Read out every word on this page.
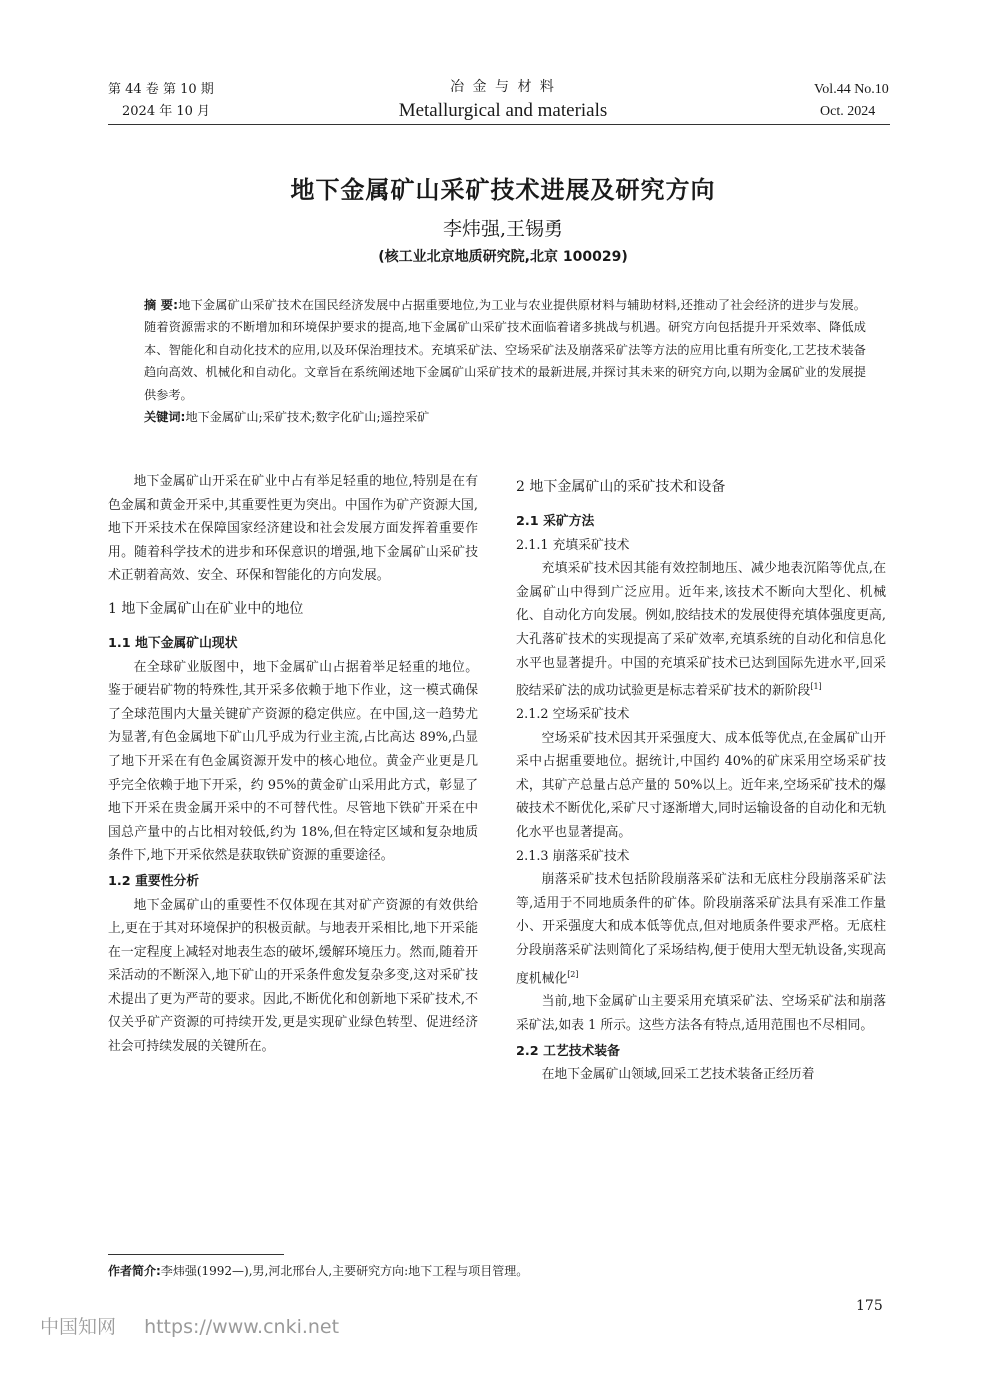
第 44 卷 第 10 期
2024 年 10 月
冶 金 与 材 料
Metallurgical and materials
Vol.44 No.10
Oct. 2024
地下金属矿山采矿技术进展及研究方向
李炜强,王锡勇
(核工业北京地质研究院,北京 100029)
摘 要:地下金属矿山采矿技术在国民经济发展中占据重要地位,为工业与农业提供原材料与辅助材料,还推动了社会经济的进步与发展。随着资源需求的不断增加和环境保护要求的提高,地下金属矿山采矿技术面临着诸多挑战与机遇。研究方向包括提升开采效率、降低成本、智能化和自动化技术的应用,以及环保治理技术。充填采矿法、空场采矿法及崩落采矿法等方法的应用比重有所变化,工艺技术装备趋向高效、机械化和自动化。文章旨在系统阐述地下金属矿山采矿技术的最新进展,并探讨其未来的研究方向,以期为金属矿业的发展提供参考。
关键词:地下金属矿山;采矿技术;数字化矿山;遥控采矿

地下金属矿山开采在矿业中占有举足轻重的地位,特别是在有色金属和黄金开采中,其重要性更为突出。中国作为矿产资源大国,地下开采技术在保障国家经济建设和社会发展方面发挥着重要作用。随着科学技术的进步和环保意识的增强,地下金属矿山采矿技术正朝着高效、安全、环保和智能化的方向发展。

1 地下金属矿山在矿业中的地位
1.1 地下金属矿山现状

在全球矿业版图中，地下金属矿山占据着举足轻重的地位。鉴于硬岩矿物的特殊性,其开采多依赖于地下作业，这一模式确保了全球范围内大量关键矿产资源的稳定供应。在中国,这一趋势尤为显著,有色金属地下矿山几乎成为行业主流,占比高达 89%,凸显了地下开采在有色金属资源开发中的核心地位。黄金产业更是几乎完全依赖于地下开采，约 95%的黄金矿山采用此方式，彰显了地下开采在贵金属开采中的不可替代性。尽管地下铁矿开采在中国总产量中的占比相对较低,约为 18%,但在特定区域和复杂地质条件下,地下开采依然是获取铁矿资源的重要途径。

1.2 重要性分析

地下金属矿山的重要性不仅体现在其对矿产资源的有效供给上,更在于其对环境保护的积极贡献。与地表开采相比,地下开采能在一定程度上减轻对地表生态的破坏,缓解环境压力。然而,随着开采活动的不断深入,地下矿山的开采条件愈发复杂多变,这对采矿技术提出了更为严苛的要求。因此,不断优化和创新地下采矿技术,不仅关乎矿产资源的可持续开发,更是实现矿业绿色转型、促进经济社会可持续发展的关键所在。

2 地下金属矿山的采矿技术和设备
2.1 采矿方法
2.1.1 充填采矿技术

充填采矿技术因其能有效控制地压、减少地表沉陷等优点,在金属矿山中得到广泛应用。近年来,该技术不断向大型化、机械化、自动化方向发展。例如,胶结技术的发展使得充填体强度更高,大孔落矿技术的实现提高了采矿效率,充填系统的自动化和信息化水平也显著提升。中国的充填采矿技术已达到国际先进水平,回采胶结采矿法的成功试验更是标志着采矿技术的新阶段[1]

2.1.2 空场采矿技术

空场采矿技术因其开采强度大、成本低等优点,在金属矿山开采中占据重要地位。据统计,中国约 40%的矿床采用空场采矿技术，其矿产总量占总产量的 50%以上。近年来,空场采矿技术的爆破技术不断优化,采矿尺寸逐渐增大,同时运输设备的自动化和无轨化水平也显著提高。

2.1.3 崩落采矿技术

崩落采矿技术包括阶段崩落采矿法和无底柱分段崩落采矿法等,适用于不同地质条件的矿体。阶段崩落采矿法具有采准工作量小、开采强度大和成本低等优点,但对地质条件要求严格。无底柱分段崩落采矿法则简化了采场结构,便于使用大型无轨设备,实现高度机械化[2]

当前,地下金属矿山主要采用充填采矿法、空场采矿法和崩落采矿法,如表 1 所示。这些方法各有特点,适用范围也不尽相同。

2.2 工艺技术装备

在地下金属矿山领域,回采工艺技术装备正经历着

作者简介:李炜强(1992—),男,河北邢台人,主要研究方向:地下工程与项目管理。
175
中国知网 https://www.cnki.net
